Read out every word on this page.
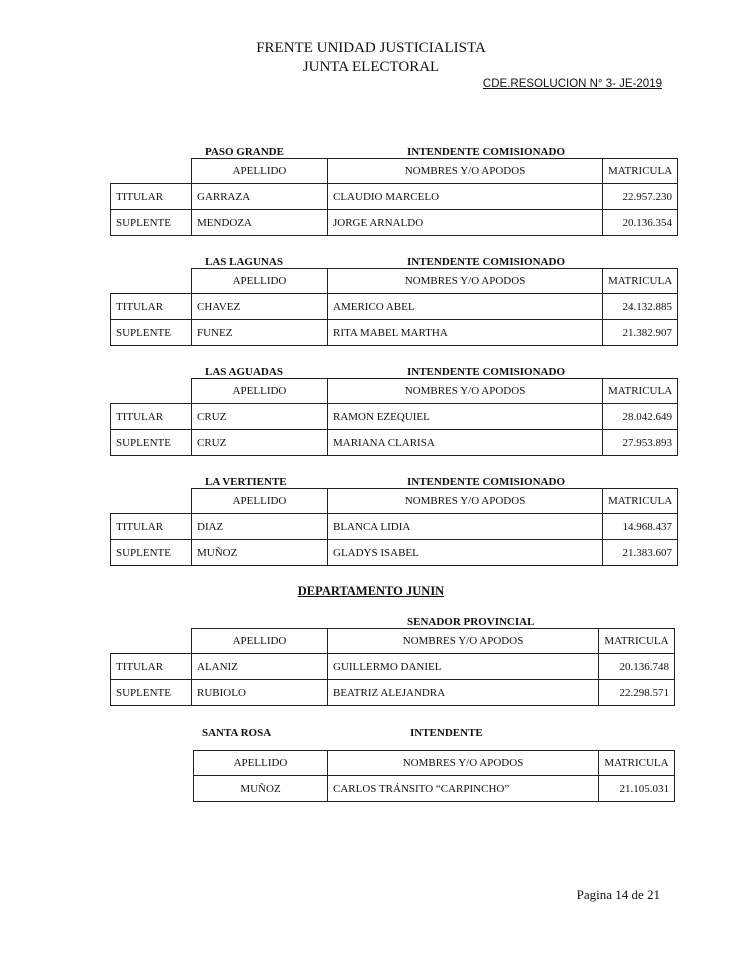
FRENTE UNIDAD JUSTICIALISTA
JUNTA ELECTORAL
CDE.RESOLUCION N° 3- JE-2019
PASO GRANDE	INTENDENTE COMISIONADO
	APELLIDO	NOMBRES Y/O APODOS	MATRICULA
TITULAR	GARRAZA	CLAUDIO MARCELO	22.957.230
SUPLENTE	MENDOZA	JORGE ARNALDO	20.136.354
LAS LAGUNAS	INTENDENTE COMISIONADO
	APELLIDO	NOMBRES Y/O APODOS	MATRICULA
TITULAR	CHAVEZ	AMERICO ABEL	24.132.885
SUPLENTE	FUNEZ	RITA MABEL MARTHA	21.382.907
LAS AGUADAS	INTENDENTE COMISIONADO
	APELLIDO	NOMBRES Y/O APODOS	MATRICULA
TITULAR	CRUZ	RAMON EZEQUIEL	28.042.649
SUPLENTE	CRUZ	MARIANA CLARISA	27.953.893
LA VERTIENTE	INTENDENTE COMISIONADO
	APELLIDO	NOMBRES Y/O APODOS	MATRICULA
TITULAR	DIAZ	BLANCA LIDIA	14.968.437
SUPLENTE	MUÑOZ	GLADYS ISABEL	21.383.607
DEPARTAMENTO JUNIN
SENADOR PROVINCIAL
	APELLIDO	NOMBRES Y/O APODOS	MATRICULA
TITULAR	ALANIZ	GUILLERMO DANIEL	20.136.748
SUPLENTE	RUBIOLO	BEATRIZ ALEJANDRA	22.298.571
SANTA ROSA	INTENDENTE
APELLIDO	NOMBRES Y/O APODOS	MATRICULA
MUÑOZ	CARLOS TRÁNSITO “CARPINCHO”	21.105.031
Pagina 14 de 21
